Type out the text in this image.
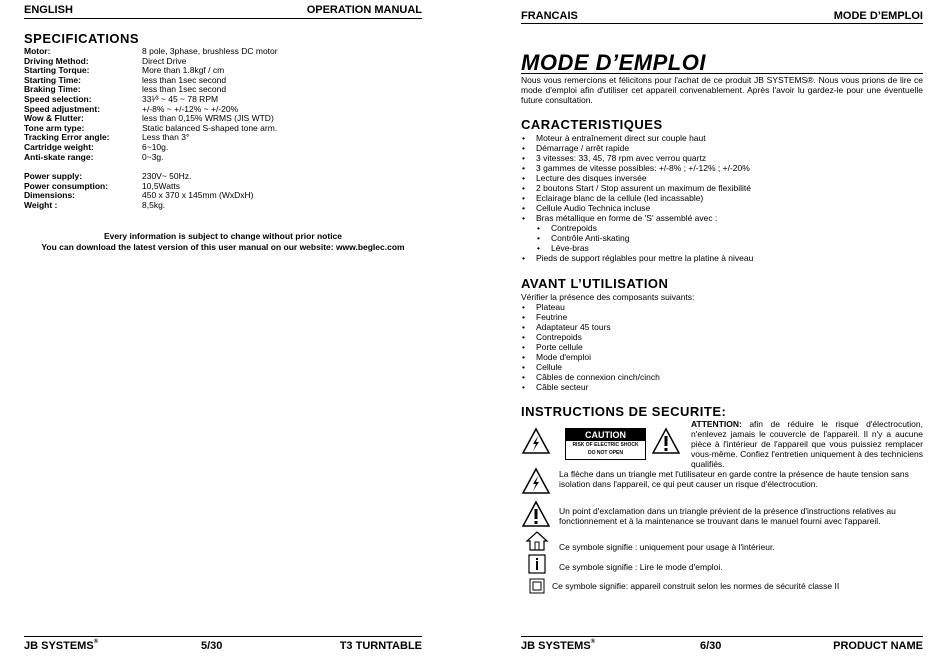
ENGLISH	OPERATION MANUAL
SPECIFICATIONS
Motor:	8 pole, 3phase, brushless DC motor
Driving Method:	Direct Drive
Starting Torque:	More than 1.8kgf / cm
Starting Time:	less than 1sec second
Braking Time:	less than 1sec second
Speed selection:	33¹⁄³ ~ 45 ~ 78 RPM
Speed adjustment:	+/-8% ~ +/-12% ~ +/-20%
Wow & Flutter:	less than 0,15% WRMS (JIS WTD)
Tone arm type:	Static balanced S-shaped tone arm.
Tracking Error angle:	Less than 3°
Cartridge weight:	6~10g.
Anti-skate range:	0~3g.
Power supply:	230V~ 50Hz.
Power consumption:	10,5Watts
Dimensions:	450 x 370 x 145mm (WxDxH)
Weight :	8,5kg.
Every information is subject to change without prior notice
You can download the latest version of this user manual on our website: www.beglec.com
JB SYSTEMS®	5/30	T3 TURNTABLE
FRANCAIS	MODE D’EMPLOI
MODE D’EMPLOI
Nous vous remercions et félicitons pour l'achat de ce produit JB SYSTEMS®. Nous vous prions de lire ce mode d'emploi afin d'utiliser cet appareil convenablement. Après l'avoir lu gardez-le pour une éventuelle future consultation.
CARACTERISTIQUES
• Moteur à entraînement direct sur couple haut
• Démarrage / arrêt rapide
• 3 vitesses: 33, 45, 78 rpm avec verrou quartz
• 3 gammes de vitesse possibles: +/-8% ; +/-12% ; +/-20%
• Lecture des disques inversée
• 2 boutons Start / Stop assurent un maximum de flexibilité
• Eclairage blanc de la cellule (led incassable)
• Cellule Audio Technica incluse
• Bras métallique en forme de 'S' assemblé avec :
• Contrepoids
• Contrôle Anti-skating
• Lève-bras
• Pieds de support réglables pour mettre la platine à niveau
AVANT L’UTILISATION
Vérifier la présence des composants suivants:
• Plateau
• Feutrine
• Adaptateur 45 tours
• Contrepoids
• Porte cellule
• Mode d'emploi
• Cellule
• Câbles de connexion cinch/cinch
• Câble secteur
INSTRUCTIONS DE SECURITE:
CAUTION
RISK OF ELECTRIC SHOCK
DO NOT OPEN
ATTENTION: afin de réduire le risque d'électrocution, n'enlevez jamais le couvercle de l'appareil. Il n'y a aucune pièce à l'intérieur de l'appareil que vous puissiez remplacer vous-même. Confiez l'entretien uniquement à des techniciens qualifiés.
La flèche dans un triangle met l'utilisateur en garde contre la présence de haute tension sans isolation dans l'appareil, ce qui peut causer un risque d'électrocution.
Un point d'exclamation dans un triangle prévient de la présence d'instructions relatives au fonctionnement et à la maintenance se trouvant dans le manuel fourni avec l'appareil.
Ce symbole signifie : uniquement pour usage à l'intérieur.
Ce symbole signifie : Lire le mode d'emploi.
Ce symbole signifie: appareil construit selon les normes de sécurité classe II
JB SYSTEMS®	6/30	PRODUCT NAME
